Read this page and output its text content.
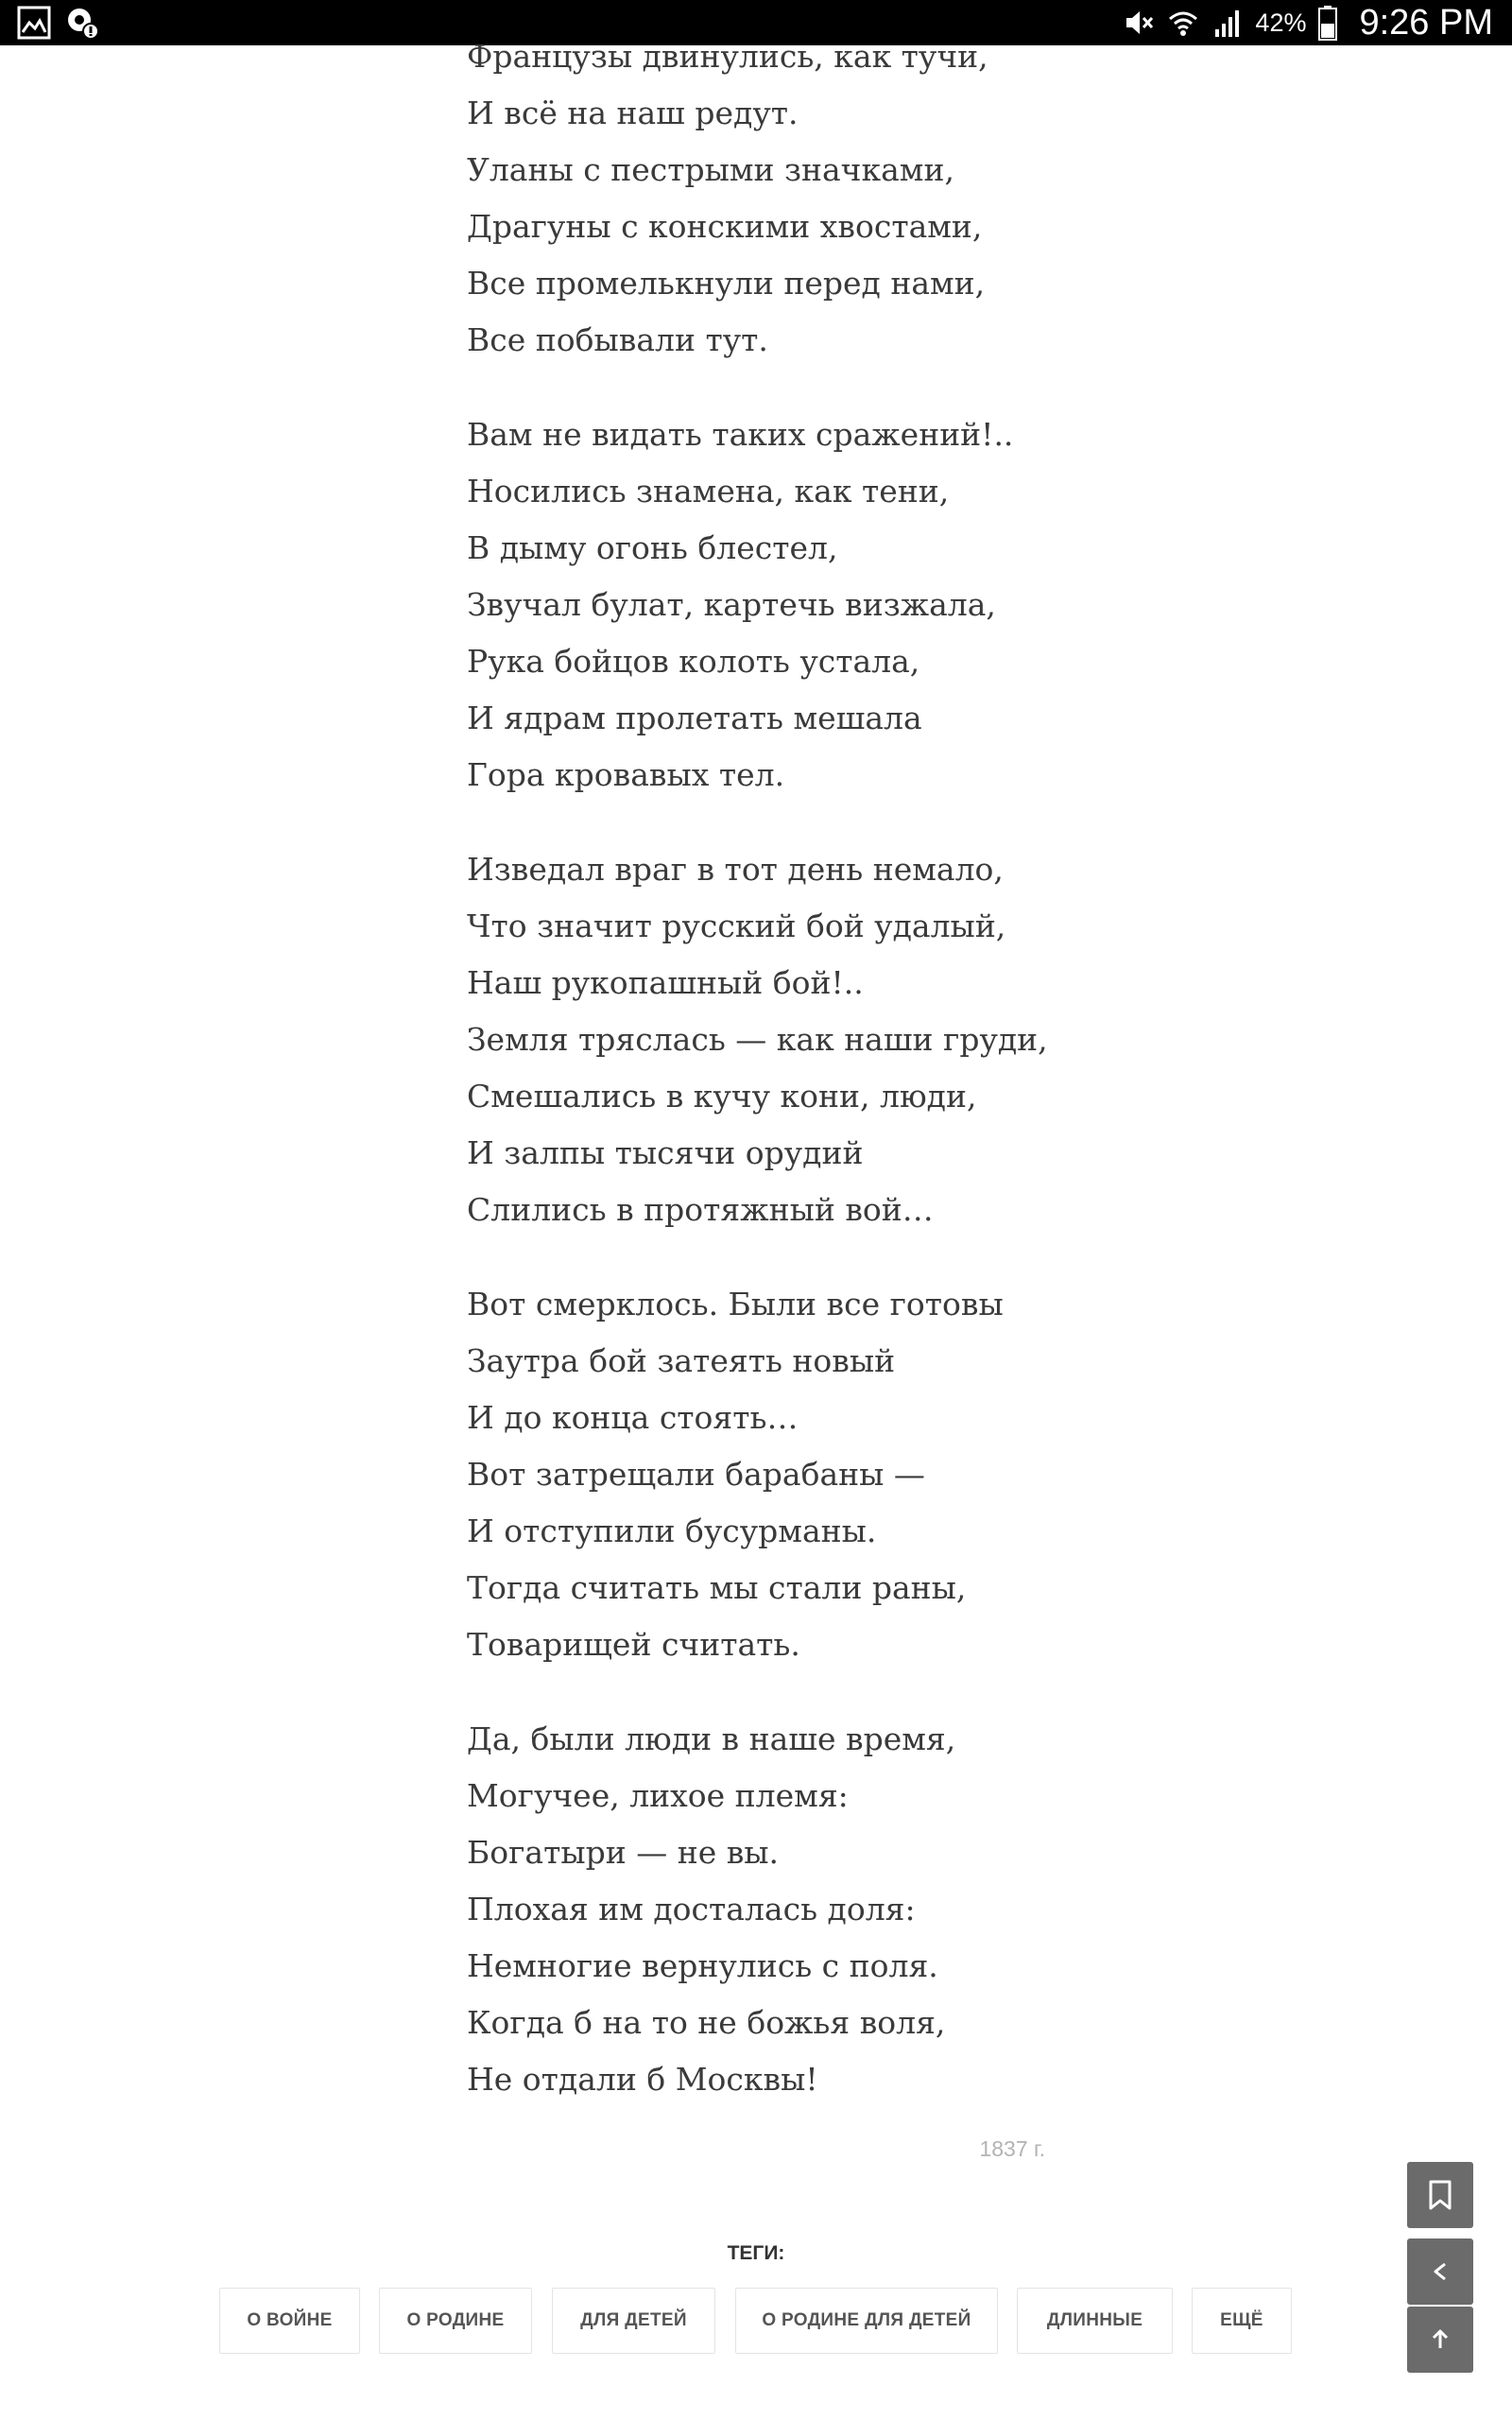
42% 9:26 PM
Французы двинулись, как тучи,
И всё на наш редут.
Уланы с пестрыми значками,
Драгуны с конскими хвостами,
Все промелькнули перед нами,
Все побывали тут.
Вам не видать таких сражений!..
Носились знамена, как тени,
В дыму огонь блестел,
Звучал булат, картечь визжала,
Рука бойцов колоть устала,
И ядрам пролетать мешала
Гора кровавых тел.
Изведал враг в тот день немало,
Что значит русский бой удалый,
Наш рукопашный бой!..
Земля тряслась — как наши груди,
Смешались в кучу кони, люди,
И залпы тысячи орудий
Слились в протяжный вой…
Вот смерклось. Были все готовы
Заутра бой затеять новый
И до конца стоять…
Вот затрещали барабаны —
И отступили бусурманы.
Тогда считать мы стали раны,
Товарищей считать.
Да, были люди в наше время,
Могучее, лихое племя:
Богатыри — не вы.
Плохая им досталась доля:
Немногие вернулись с поля.
Когда б на то не божья воля,
Не отдали б Москвы!
1837 г.
ТЕГИ:
О ВОЙНЕ	О РОДИНЕ	ДЛЯ ДЕТЕЙ	О РОДИНЕ ДЛЯ ДЕТЕЙ	ДЛИННЫЕ	ЕЩЁ
